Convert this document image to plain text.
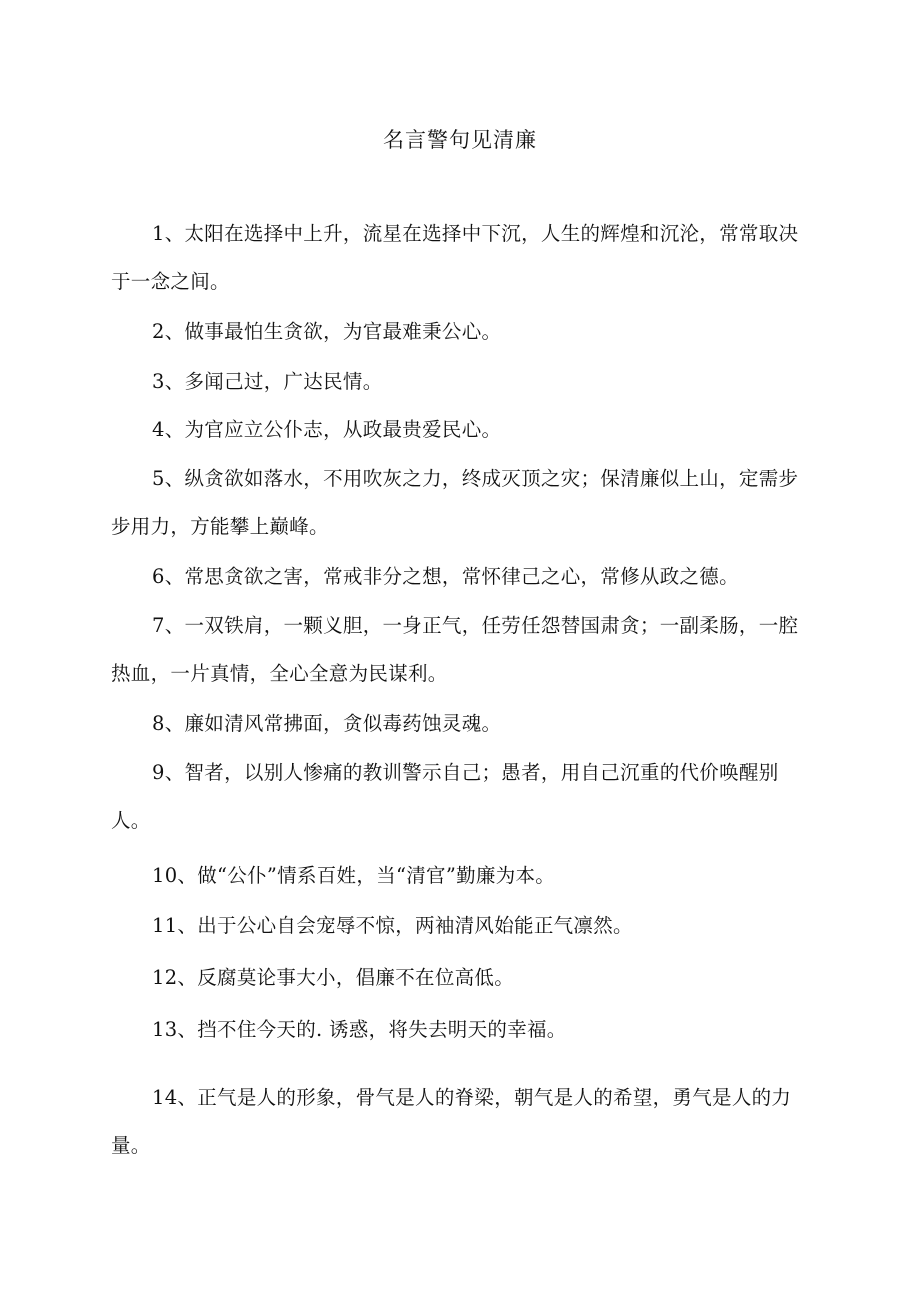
名言警句见清廉

1、太阳在选择中上升，流星在选择中下沉，人生的辉煌和沉沦，常常取决于一念之间。

2、做事最怕生贪欲，为官最难秉公心。

3、多闻己过，广达民情。

4、为官应立公仆志，从政最贵爱民心。

5、纵贪欲如落水，不用吹灰之力，终成灭顶之灾；保清廉似上山，定需步步用力，方能攀上巅峰。

6、常思贪欲之害，常戒非分之想，常怀律己之心，常修从政之德。

7、一双铁肩，一颗义胆，一身正气，任劳任怨替国肃贪；一副柔肠，一腔热血，一片真情，全心全意为民谋利。

8、廉如清风常拂面，贪似毒药蚀灵魂。

9、智者，以别人惨痛的教训警示自己；愚者，用自己沉重的代价唤醒别人。

10、做“公仆”情系百姓，当“清官”勤廉为本。

11、出于公心自会宠辱不惊，两袖清风始能正气凛然。

12、反腐莫论事大小，倡廉不在位高低。

13、挡不住今天的. 诱惑，将失去明天的幸福。

14、正气是人的形象，骨气是人的脊梁，朝气是人的希望，勇气是人的力量。
